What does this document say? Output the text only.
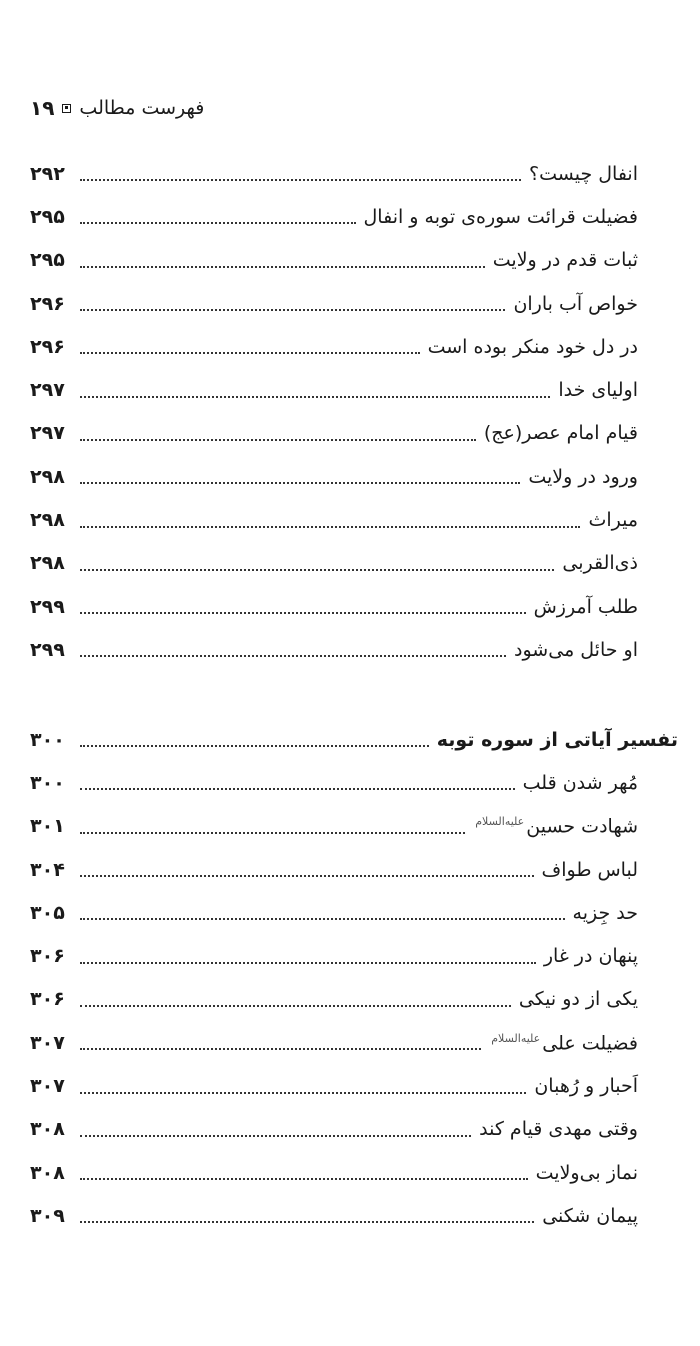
۱۹ فهرست مطالب
۲۹۲	انفال چیست؟
۲۹۵	فضیلت قرائت سوره‌ی توبه و انفال
۲۹۵	ثبات قدم در ولایت
۲۹۶	خواص آب باران
۲۹۶	در دل خود منکر بوده است
۲۹۷	اولیای خدا
۲۹۷	قیام امام عصر(عج)
۲۹۸	ورود در ولایت
۲۹۸	میراث
۲۹۸	ذی‌القربی
۲۹۹	طلب آمرزش
۲۹۹	او حائل می‌شود
۳۰۰	تفسیر آیاتی از سوره توبه
۳۰۰	مُهر شدن قلب
۳۰۱	شهادت حسینعلیه‌السلام
۳۰۴	لباس طواف
۳۰۵	حد جِزیه
۳۰۶	پنهان در غار
۳۰۶	یکی از دو نیکی
۳۰۷	فضیلت علیعلیه‌السلام
۳۰۷	اَحبار و رُهبان
۳۰۸	وقتی مهدی قیام کند
۳۰۸	نماز بی‌ولایت
۳۰۹	پیمان شکنی
